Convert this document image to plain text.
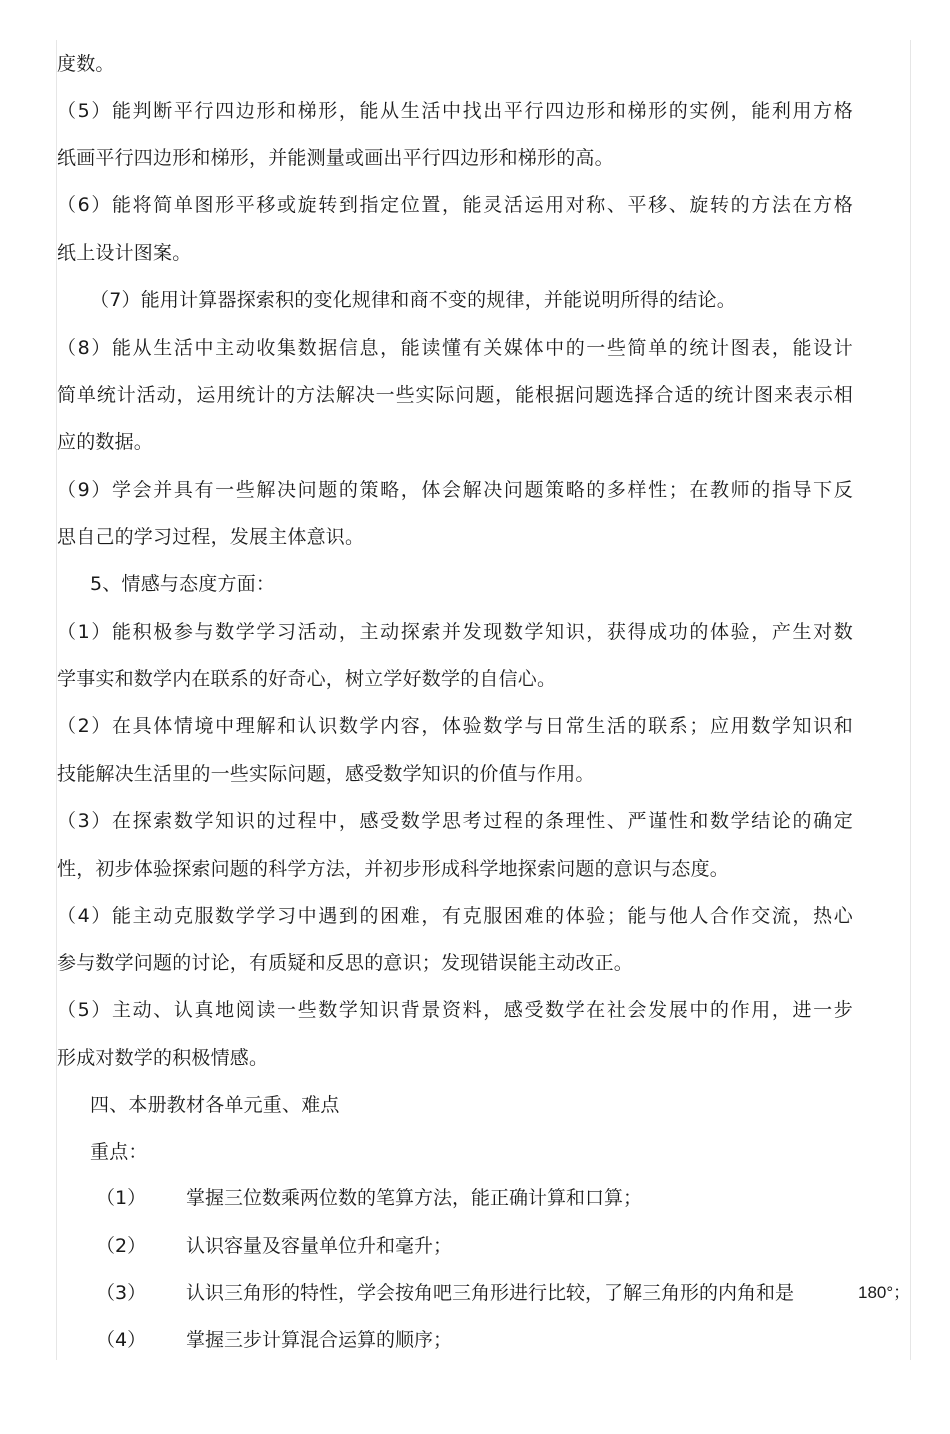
度数。
（5）能判断平行四边形和梯形，能从生活中找出平行四边形和梯形的实例，能利用方格
纸画平行四边形和梯形，并能测量或画出平行四边形和梯形的高。
（6）能将简单图形平移或旋转到指定位置，能灵活运用对称、平移、旋转的方法在方格
纸上设计图案。
（7）能用计算器探索积的变化规律和商不变的规律，并能说明所得的结论。
（8）能从生活中主动收集数据信息，能读懂有关媒体中的一些简单的统计图表，能设计
简单统计活动，运用统计的方法解决一些实际问题，能根据问题选择合适的统计图来表示相
应的数据。
（9）学会并具有一些解决问题的策略，体会解决问题策略的多样性；在教师的指导下反
思自己的学习过程，发展主体意识。
5、情感与态度方面：
（1）能积极参与数学学习活动，主动探索并发现数学知识，获得成功的体验，产生对数
学事实和数学内在联系的好奇心，树立学好数学的自信心。
（2）在具体情境中理解和认识数学内容，体验数学与日常生活的联系；应用数学知识和
技能解决生活里的一些实际问题，感受数学知识的价值与作用。
（3）在探索数学知识的过程中，感受数学思考过程的条理性、严谨性和数学结论的确定
性，初步体验探索问题的科学方法，并初步形成科学地探索问题的意识与态度。
（4）能主动克服数学学习中遇到的困难，有克服困难的体验；能与他人合作交流，热心
参与数学问题的讨论，有质疑和反思的意识；发现错误能主动改正。
（5）主动、认真地阅读一些数学知识背景资料，感受数学在社会发展中的作用，进一步
形成对数学的积极情感。
四、本册教材各单元重、难点
重点：
（1） 掌握三位数乘两位数的笔算方法，能正确计算和口算；
（2） 认识容量及容量单位升和毫升；
（3） 认识三角形的特性，学会按角吧三角形进行比较，了解三角形的内角和是	180°；
（4） 掌握三步计算混合运算的顺序；
